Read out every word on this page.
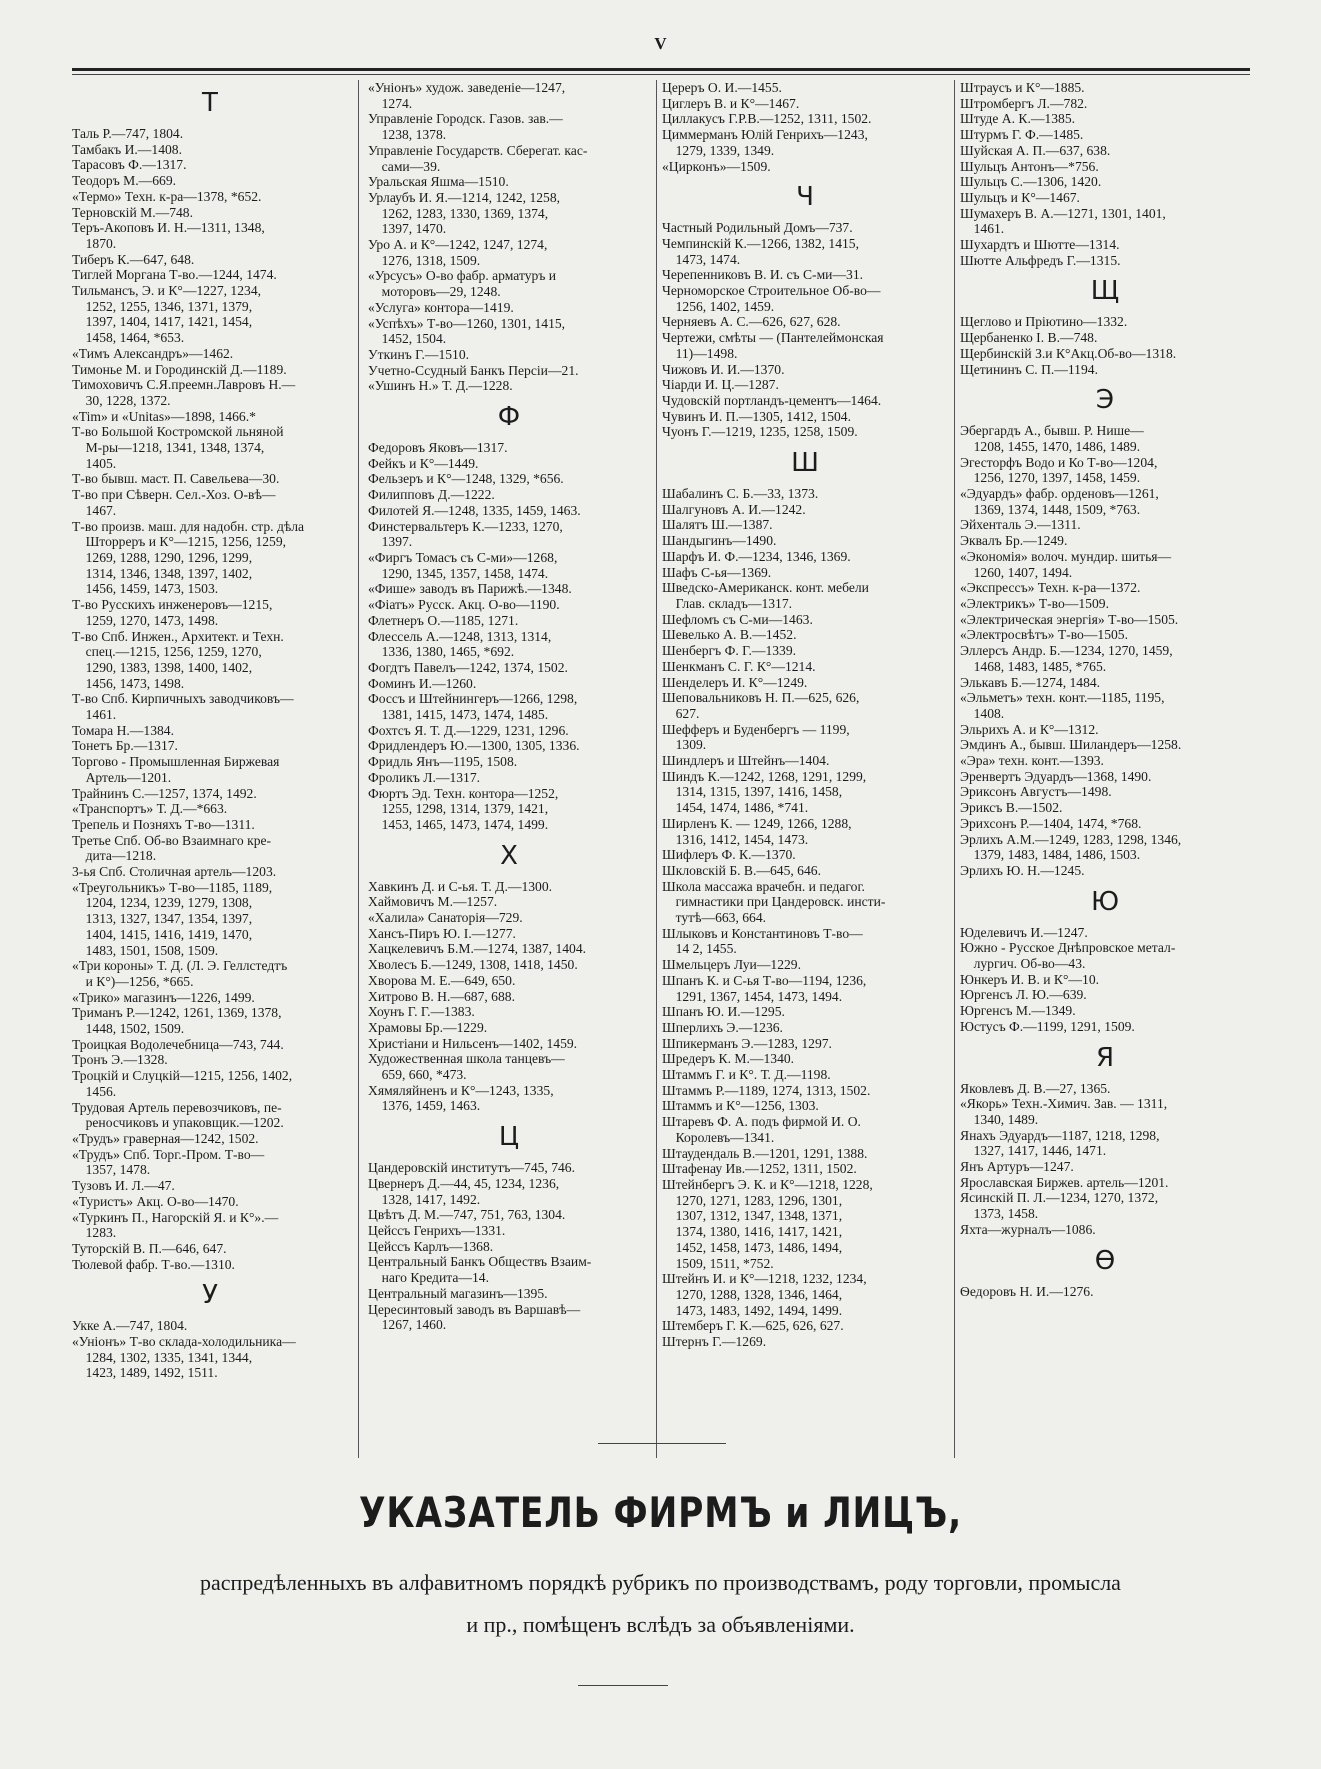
V
Т
Таль Р.—747, 1804.
Тамбакъ И.—1408.
Тарасовъ Ф.—1317.
Теодоръ М.—669.
«Термо» Техн. к-ра—1378, *652.
Терновскій М.—748.
Теръ-Акоповъ И. Н.—1311, 1348,
1870.
Тиберъ К.—647, 648.
Тиглей Моргана Т-во.—1244, 1474.
Тильмансъ, Э. и К°—1227, 1234,
1252, 1255, 1346, 1371, 1379,
1397, 1404, 1417, 1421, 1454,
1458, 1464, *653.
«Тимъ Александръ»—1462.
Тимонье М. и Городинскій Д.—1189.
Тимоховичъ С.Я.преемн.Лавровъ Н.—
30, 1228, 1372.
«Tim» и «Unitas»—1898, 1466.*
Т-во Большой Костромской льняной
М-ры—1218, 1341, 1348, 1374,
1405.
Т-во бывш. маст. П. Савельева—30.
Т-во при Сѣверн. Сел.-Хоз. О-вѣ—
1467.
Т-во произв. маш. для надобн. стр. дѣла
Шторреръ и К°—1215, 1256, 1259,
1269, 1288, 1290, 1296, 1299,
1314, 1346, 1348, 1397, 1402,
1456, 1459, 1473, 1503.
Т-во Русскихъ инженеровъ—1215,
1259, 1270, 1473, 1498.
Т-во Спб. Инжен., Архитект. и Техн.
спец.—1215, 1256, 1259, 1270,
1290, 1383, 1398, 1400, 1402,
1456, 1473, 1498.
Т-во Спб. Кирпичныхъ заводчиковъ—
1461.
Томара Н.—1384.
Тонетъ Бр.—1317.
Торгово - Промышленная Биржевая
Артель—1201.
Трайнинъ С.—1257, 1374, 1492.
«Транспортъ» Т. Д.—*663.
Трепель и Позняхъ Т-во—1311.
Третье Спб. Об-во Взаимнаго кре-
дита—1218.
3-ья Спб. Столичная артель—1203.
«Треугольникъ» Т-во—1185, 1189,
1204, 1234, 1239, 1279, 1308,
1313, 1327, 1347, 1354, 1397,
1404, 1415, 1416, 1419, 1470,
1483, 1501, 1508, 1509.
«Три короны» Т. Д. (Л. Э. Геллстедтъ
и К°)—1256, *665.
«Трико» магазинъ—1226, 1499.
Триманъ Р.—1242, 1261, 1369, 1378,
1448, 1502, 1509.
Троицкая Водолечебница—743, 744.
Тронъ Э.—1328.
Троцкій и Слуцкій—1215, 1256, 1402,
1456.
Трудовая Артель перевозчиковъ, пе-
реносчиковъ и упаковщик.—1202.
«Трудъ» граверная—1242, 1502.
«Трудъ» Спб. Торг.-Пром. Т-во—
1357, 1478.
Тузовъ И. Л.—47.
«Туристъ» Акц. О-во—1470.
«Туркинъ П., Нагорскій Я. и К°».—
1283.
Туторскій В. П.—646, 647.
Тюлевой фабр. Т-во.—1310.
У
Укке А.—747, 1804.
«Уніонъ» Т-во склада-холодильника—
1284, 1302, 1335, 1341, 1344,
1423, 1489, 1492, 1511.
«Уніонъ» худож. заведеніе—1247,
1274.
Управленіе Городск. Газов. зав.—
1238, 1378.
Управленіе Государств. Сберегат. кас-
сами—39.
Уральская Яшма—1510.
Урлаубъ И. Я.—1214, 1242, 1258,
1262, 1283, 1330, 1369, 1374,
1397, 1470.
Уро А. и К°—1242, 1247, 1274,
1276, 1318, 1509.
«Урсусъ» О-во фабр. арматуръ и
моторовъ—29, 1248.
«Услуга» контора—1419.
«Успѣхъ» Т-во—1260, 1301, 1415,
1452, 1504.
Уткинъ Г.—1510.
Учетно-Ссудный Банкъ Персіи—21.
«Ушинъ Н.» Т. Д.—1228.
Ф
Федоровъ Яковъ—1317.
Фейкъ и К°—1449.
Фельзеръ и К°—1248, 1329, *656.
Филипповъ Д.—1222.
Филотей Я.—1248, 1335, 1459, 1463.
Финстервальтеръ К.—1233, 1270,
1397.
«Фиргъ Томасъ съ С-ми»—1268,
1290, 1345, 1357, 1458, 1474.
«Фише» заводъ въ Парижѣ.—1348.
«Фіатъ» Русск. Акц. О-во—1190.
Флетнеръ О.—1185, 1271.
Флессель А.—1248, 1313, 1314,
1336, 1380, 1465, *692.
Фогдтъ Павелъ—1242, 1374, 1502.
Фоминъ И.—1260.
Фоссъ и Штейнингеръ—1266, 1298,
1381, 1415, 1473, 1474, 1485.
Фохтсъ Я. Т. Д.—1229, 1231, 1296.
Фридлендеръ Ю.—1300, 1305, 1336.
Фридль Янъ—1195, 1508.
Фроликъ Л.—1317.
Фюртъ Эд. Техн. контора—1252,
1255, 1298, 1314, 1379, 1421,
1453, 1465, 1473, 1474, 1499.
Х
Хавкинъ Д. и С-ья. Т. Д.—1300.
Хаймовичъ М.—1257.
«Халила» Санаторія—729.
Хансъ-Пиръ Ю. І.—1277.
Хацкелевичъ Б.М.—1274, 1387, 1404.
Хволесъ Б.—1249, 1308, 1418, 1450.
Хворова М. Е.—649, 650.
Хитрово В. Н.—687, 688.
Хоунъ Г. Г.—1383.
Храмовы Бр.—1229.
Христіани и Нильсенъ—1402, 1459.
Художественная школа танцевъ—
659, 660, *473.
Хямяляйненъ и К°—1243, 1335,
1376, 1459, 1463.
Ц
Цандеровскій институтъ—745, 746.
Цвернеръ Д.—44, 45, 1234, 1236,
1328, 1417, 1492.
Цвѣтъ Д. М.—747, 751, 763, 1304.
Цейссъ Генрихъ—1331.
Цейссъ Карлъ—1368.
Центральный Банкъ Обществъ Взаим-
наго Кредита—14.
Центральный магазинъ—1395.
Цересинтовый заводъ въ Варшавѣ—
1267, 1460.
Цереръ О. И.—1455.
Циглеръ В. и К°—1467.
Циллакусъ Г.Р.В.—1252, 1311, 1502.
Циммерманъ Юлій Генрихъ—1243,
1279, 1339, 1349.
«Цирконъ»—1509.
Ч
Частный Родильный Домъ—737.
Чемпинскій К.—1266, 1382, 1415,
1473, 1474.
Черепенниковъ В. И. съ С-ми—31.
Черноморское Строительное Об-во—
1256, 1402, 1459.
Черняевъ А. С.—626, 627, 628.
Чертежи, смѣты — (Пантелеймонская
11)—1498.
Чижовъ И. И.—1370.
Чіарди И. Ц.—1287.
Чудовскій портландъ-цементъ—1464.
Чувинъ И. П.—1305, 1412, 1504.
Чуонъ Г.—1219, 1235, 1258, 1509.
Ш
Шабалинъ С. Б.—33, 1373.
Шалгуновъ А. И.—1242.
Шалятъ Ш.—1387.
Шандыгинъ—1490.
Шарфъ И. Ф.—1234, 1346, 1369.
Шафъ С-ья—1369.
Шведско-Американск. конт. мебели
Глав. складъ—1317.
Шефломъ съ С-ми—1463.
Шевелько А. В.—1452.
Шенбергъ Ф. Г.—1339.
Шенкманъ С. Г. К°—1214.
Шенделеръ И. К°—1249.
Шеповальниковъ Н. П.—625, 626,
627.
Шефферъ и Буденбергъ — 1199,
1309.
Шиндлеръ и Штейнъ—1404.
Шиндъ К.—1242, 1268, 1291, 1299,
1314, 1315, 1397, 1416, 1458,
1454, 1474, 1486, *741.
Ширленъ К. — 1249, 1266, 1288,
1316, 1412, 1454, 1473.
Шифлеръ Ф. К.—1370.
Шкловскій Б. В.—645, 646.
Школа массажа врачебн. и педагог.
гимнастики при Цандеровск. инсти-
тутѣ—663, 664.
Шлыковъ и Константиновъ Т-во—
14 2, 1455.
Шмельцеръ Луи—1229.
Шпанъ К. и С-ья Т-во—1194, 1236,
1291, 1367, 1454, 1473, 1494.
Шпанъ Ю. И.—1295.
Шперлихъ Э.—1236.
Шпикерманъ Э.—1283, 1297.
Шредеръ К. М.—1340.
Штаммъ Г. и К°. Т. Д.—1198.
Штаммъ Р.—1189, 1274, 1313, 1502.
Штаммъ и К°—1256, 1303.
Штаревъ Ф. А. подъ фирмой И. О.
Королевъ—1341.
Штаудендаль В.—1201, 1291, 1388.
Штафенау Ив.—1252, 1311, 1502.
Штейнбергъ Э. К. и К°—1218, 1228,
1270, 1271, 1283, 1296, 1301,
1307, 1312, 1347, 1348, 1371,
1374, 1380, 1416, 1417, 1421,
1452, 1458, 1473, 1486, 1494,
1509, 1511, *752.
Штейнъ И. и К°—1218, 1232, 1234,
1270, 1288, 1328, 1346, 1464,
1473, 1483, 1492, 1494, 1499.
Штемберъ Г. К.—625, 626, 627.
Штернъ Г.—1269.
Штраусъ и К°—1885.
Штромбергъ Л.—782.
Штуде А. К.—1385.
Штурмъ Г. Ф.—1485.
Шуйская А. П.—637, 638.
Шульцъ Антонъ—*756.
Шульцъ С.—1306, 1420.
Шульцъ и К°—1467.
Шумахеръ В. А.—1271, 1301, 1401,
1461.
Шухардтъ и Шютте—1314.
Шютте Альфредъ Г.—1315.
Щ
Щеглово и Пріютино—1332.
Щербаненко І. В.—748.
Щербинскій З.и К°Акц.Об-во—1318.
Щетининъ С. П.—1194.
Э
Эбергардъ А., бывш. Р. Нише—
1208, 1455, 1470, 1486, 1489.
Эгесторфъ Водо и Ко Т-во—1204,
1256, 1270, 1397, 1458, 1459.
«Эдуардъ» фабр. орденовъ—1261,
1369, 1374, 1448, 1509, *763.
Эйхенталь Э.—1311.
Эквалъ Бр.—1249.
«Экономія» волоч. мундир. шитья—
1260, 1407, 1494.
«Экспрессъ» Техн. к-ра—1372.
«Электрикъ» Т-во—1509.
«Электрическая энергія» Т-во—1505.
«Электросвѣтъ» Т-во—1505.
Эллерсъ Андр. Б.—1234, 1270, 1459,
1468, 1483, 1485, *765.
Элькавъ Б.—1274, 1484.
«Эльметъ» техн. конт.—1185, 1195,
1408.
Эльрихъ А. и К°—1312.
Эмдинъ А., бывш. Шиландеръ—1258.
«Эра» техн. конт.—1393.
Эренвертъ Эдуардъ—1368, 1490.
Эриксонъ Августъ—1498.
Эриксъ В.—1502.
Эрихсонъ Р.—1404, 1474, *768.
Эрлихъ А.М.—1249, 1283, 1298, 1346,
1379, 1483, 1484, 1486, 1503.
Эрлихъ Ю. Н.—1245.
Ю
Юделевичъ И.—1247.
Южно - Русское Днѣпровское метал-
лургич. Об-во—43.
Юнкеръ И. В. и К°—10.
Юргенсъ Л. Ю.—639.
Юргенсъ М.—1349.
Юстусъ Ф.—1199, 1291, 1509.
Я
Яковлевъ Д. В.—27, 1365.
«Якорь» Техн.-Химич. Зав. — 1311,
1340, 1489.
Янахъ Эдуардъ—1187, 1218, 1298,
1327, 1417, 1446, 1471.
Янъ Артуръ—1247.
Ярославская Биржев. артель—1201.
Ясинскій П. Л.—1234, 1270, 1372,
1373, 1458.
Яхта—журналъ—1086.
Ѳ
Ѳедоровъ Н. И.—1276.
УКАЗАТЕЛЬ ФИРМЪ и ЛИЦЪ,
распредѣленныхъ въ алфавитномъ порядкѣ рубрикъ по производствамъ, роду торговли, промысла
и пр., помѣщенъ вслѣдъ за объявленіями.
